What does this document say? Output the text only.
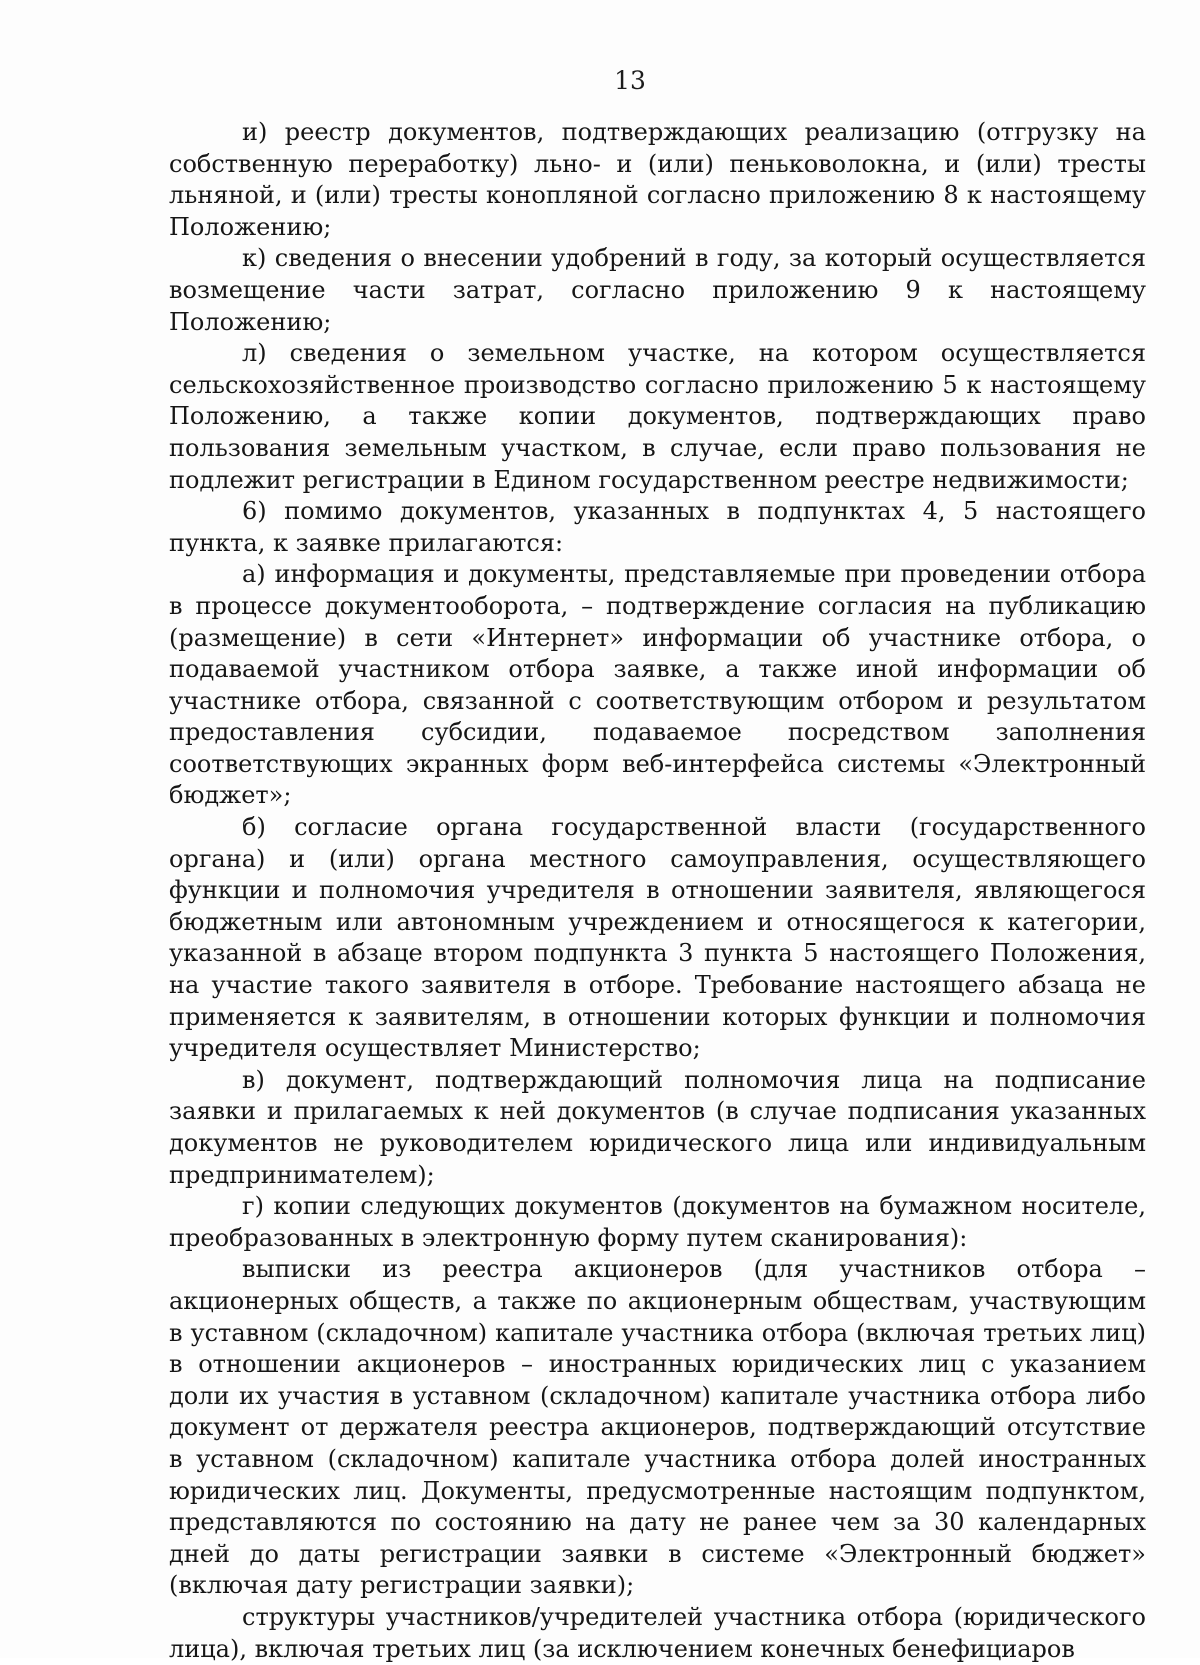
13

и) реестр документов, подтверждающих реализацию (отгрузку на собственную переработку) льно- и (или) пеньковолокна, и (или) тресты льняной, и (или) тресты конопляной согласно приложению 8 к настоящему Положению;

к) сведения о внесении удобрений в году, за который осуществляется возмещение части затрат, согласно приложению 9 к настоящему Положению;

л) сведения о земельном участке, на котором осуществляется сельскохозяйственное производство согласно приложению 5 к настоящему Положению, а также копии документов, подтверждающих право пользования земельным участком, в случае, если право пользования не подлежит регистрации в Едином государственном реестре недвижимости;

6) помимо документов, указанных в подпунктах 4, 5 настоящего пункта, к заявке прилагаются:

а) информация и документы, представляемые при проведении отбора в процессе документооборота, – подтверждение согласия на публикацию (размещение) в сети «Интернет» информации об участнике отбора, о подаваемой участником отбора заявке, а также иной информации об участнике отбора, связанной с соответствующим отбором и результатом предоставления субсидии, подаваемое посредством заполнения соответствующих экранных форм веб-интерфейса системы «Электронный бюджет»;

б) согласие органа государственной власти (государственного органа) и (или) органа местного самоуправления, осуществляющего функции и полномочия учредителя в отношении заявителя, являющегося бюджетным или автономным учреждением и относящегося к категории, указанной в абзаце втором подпункта 3 пункта 5 настоящего Положения, на участие такого заявителя в отборе. Требование настоящего абзаца не применяется к заявителям, в отношении которых функции и полномочия учредителя осуществляет Министерство;

в) документ, подтверждающий полномочия лица на подписание заявки и прилагаемых к ней документов (в случае подписания указанных документов не руководителем юридического лица или индивидуальным предпринимателем);

г) копии следующих документов (документов на бумажном носителе, преобразованных в электронную форму путем сканирования):

выписки из реестра акционеров (для участников отбора – акционерных обществ, а также по акционерным обществам, участвующим в уставном (складочном) капитале участника отбора (включая третьих лиц) в отношении акционеров – иностранных юридических лиц с указанием доли их участия в уставном (складочном) капитале участника отбора либо документ от держателя реестра акционеров, подтверждающий отсутствие в уставном (складочном) капитале участника отбора долей иностранных юридических лиц. Документы, предусмотренные настоящим подпунктом, представляются по состоянию на дату не ранее чем за 30 календарных дней до даты регистрации заявки в системе «Электронный бюджет» (включая дату регистрации заявки);

структуры участников/учредителей участника отбора (юридического лица), включая третьих лиц (за исключением конечных бенефициаров
